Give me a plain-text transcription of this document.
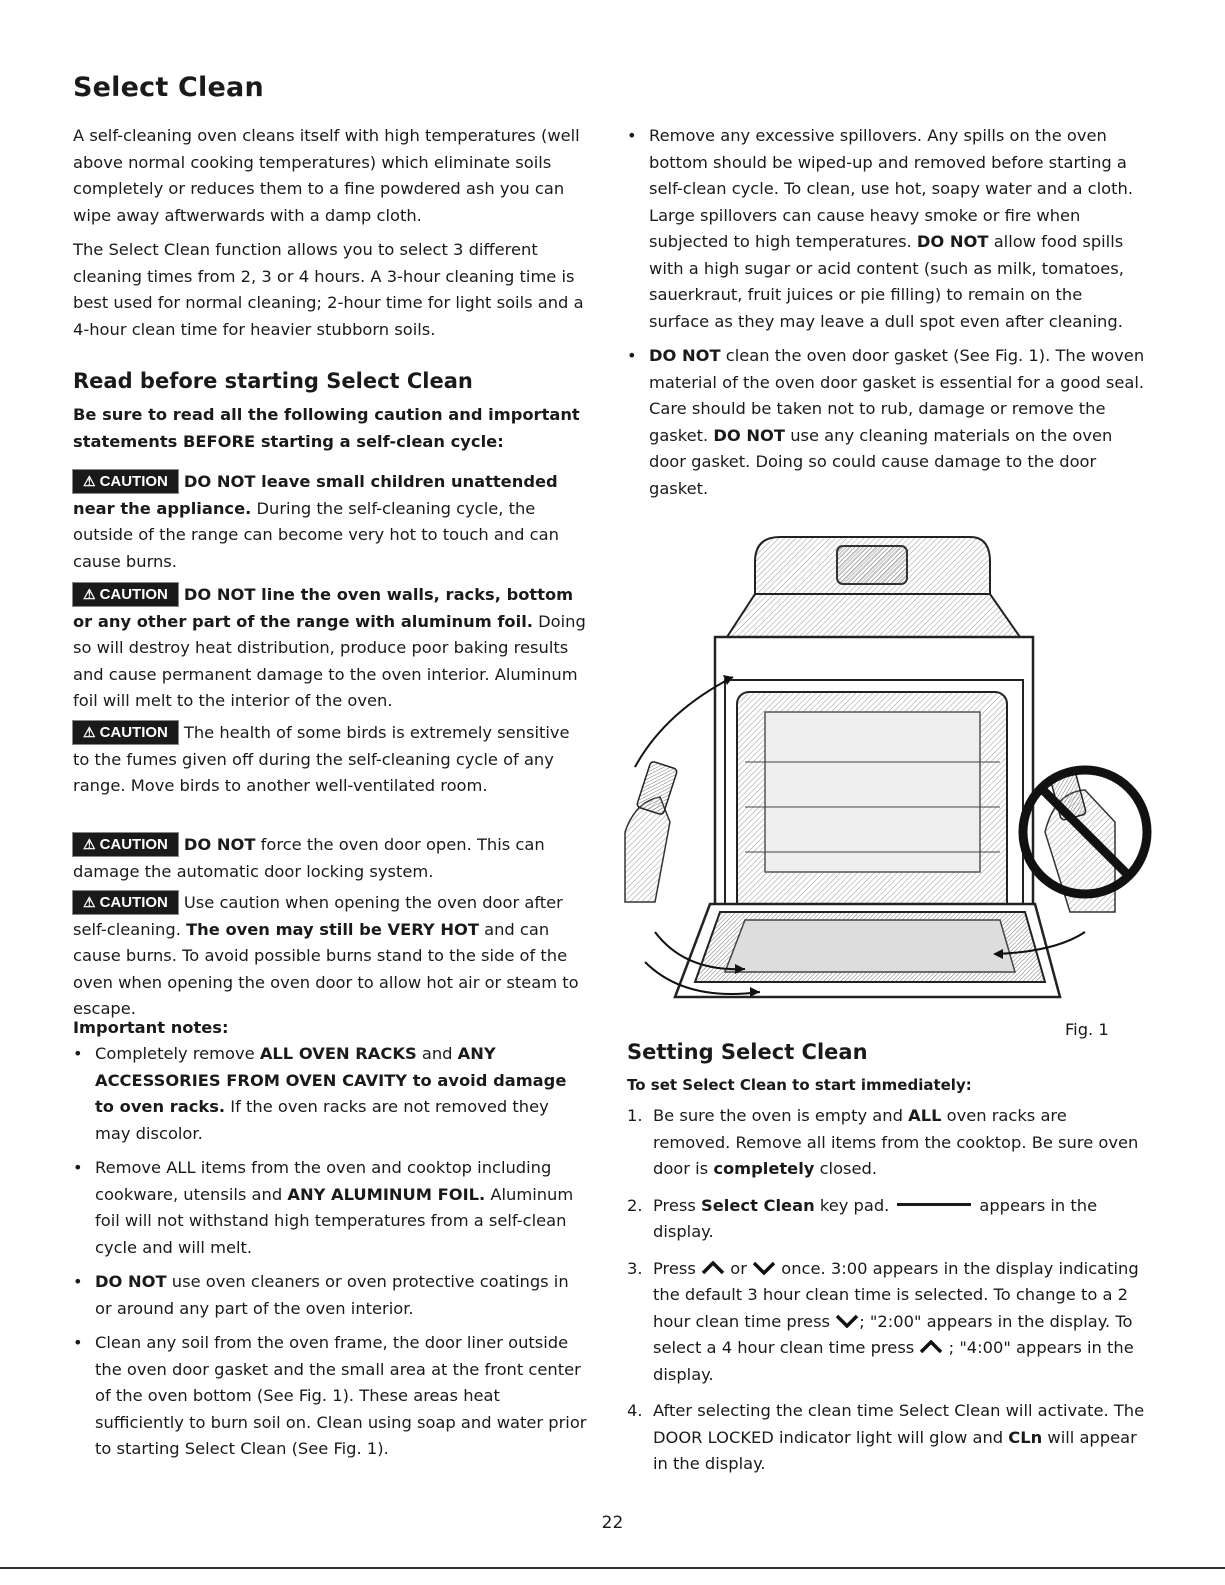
Select Clean

A self-cleaning oven cleans itself with high temperatures (well above normal cooking temperatures) which eliminate soils completely or reduces them to a fine powdered ash you can wipe away aftwerwards with a damp cloth.

The Select Clean function allows you to select 3 different cleaning times from 2, 3 or 4 hours. A 3-hour cleaning time is best used for normal cleaning; 2-hour time for light soils and a 4-hour clean time for heavier stubborn soils.

Read before starting Select Clean

Be sure to read all the following caution and important statements BEFORE starting a self-clean cycle:

⚠ CAUTION DO NOT leave small children unattended near the appliance. During the self-cleaning cycle, the outside of the range can become very hot to touch and can cause burns.

⚠ CAUTION DO NOT line the oven walls, racks, bottom or any other part of the range with aluminum foil. Doing so will destroy heat distribution, produce poor baking results and cause permanent damage to the oven interior. Aluminum foil will melt to the interior of the oven.

⚠ CAUTION The health of some birds is extremely sensitive to the fumes given off during the self-cleaning cycle of any range. Move birds to another well-ventilated room.

⚠ CAUTION DO NOT force the oven door open. This can damage the automatic door locking system.

⚠ CAUTION Use caution when opening the oven door after self-cleaning. The oven may still be VERY HOT and can cause burns. To avoid possible burns stand to the side of the oven when opening the oven door to allow hot air or steam to escape.

Important notes:
• Completely remove ALL OVEN RACKS and ANY ACCESSORIES FROM OVEN CAVITY to avoid damage to oven racks. If the oven racks are not removed they may discolor.
• Remove ALL items from the oven and cooktop including cookware, utensils and ANY ALUMINUM FOIL. Aluminum foil will not withstand high temperatures from a self-clean cycle and will melt.
• DO NOT use oven cleaners or oven protective coatings in or around any part of the oven interior.
• Clean any soil from the oven frame, the door liner outside the oven door gasket and the small area at the front center of the oven bottom (See Fig. 1). These areas heat sufficiently to burn soil on. Clean using soap and water prior to starting Select Clean (See Fig. 1).
• Remove any excessive spillovers. Any spills on the oven bottom should be wiped-up and removed before starting a self-clean cycle. To clean, use hot, soapy water and a cloth. Large spillovers can cause heavy smoke or fire when subjected to high temperatures. DO NOT allow food spills with a high sugar or acid content (such as milk, tomatoes, sauerkraut, fruit juices or pie filling) to remain on the surface as they may leave a dull spot even after cleaning.
• DO NOT clean the oven door gasket (See Fig. 1). The woven material of the oven door gasket is essential for a good seal. Care should be taken not to rub, damage or remove the gasket. DO NOT use any cleaning materials on the oven door gasket. Doing so could cause damage to the door gasket.
Fig. 1
Setting Select Clean
To set Select Clean to start immediately:
1. Be sure the oven is empty and ALL oven racks are removed. Remove all items from the cooktop. Be sure oven door is completely closed.
2. Press Select Clean key pad.	appears in the display.
3. Press or once. 3:00 appears in the display indicating the default 3 hour clean time is selected. To change to a 2 hour clean time press ; "2:00" appears in the display. To select a 4 hour clean time press ; "4:00" appears in the display.
4. After selecting the clean time Select Clean will activate. The DOOR LOCKED indicator light will glow and CLn will appear in the display.
22
